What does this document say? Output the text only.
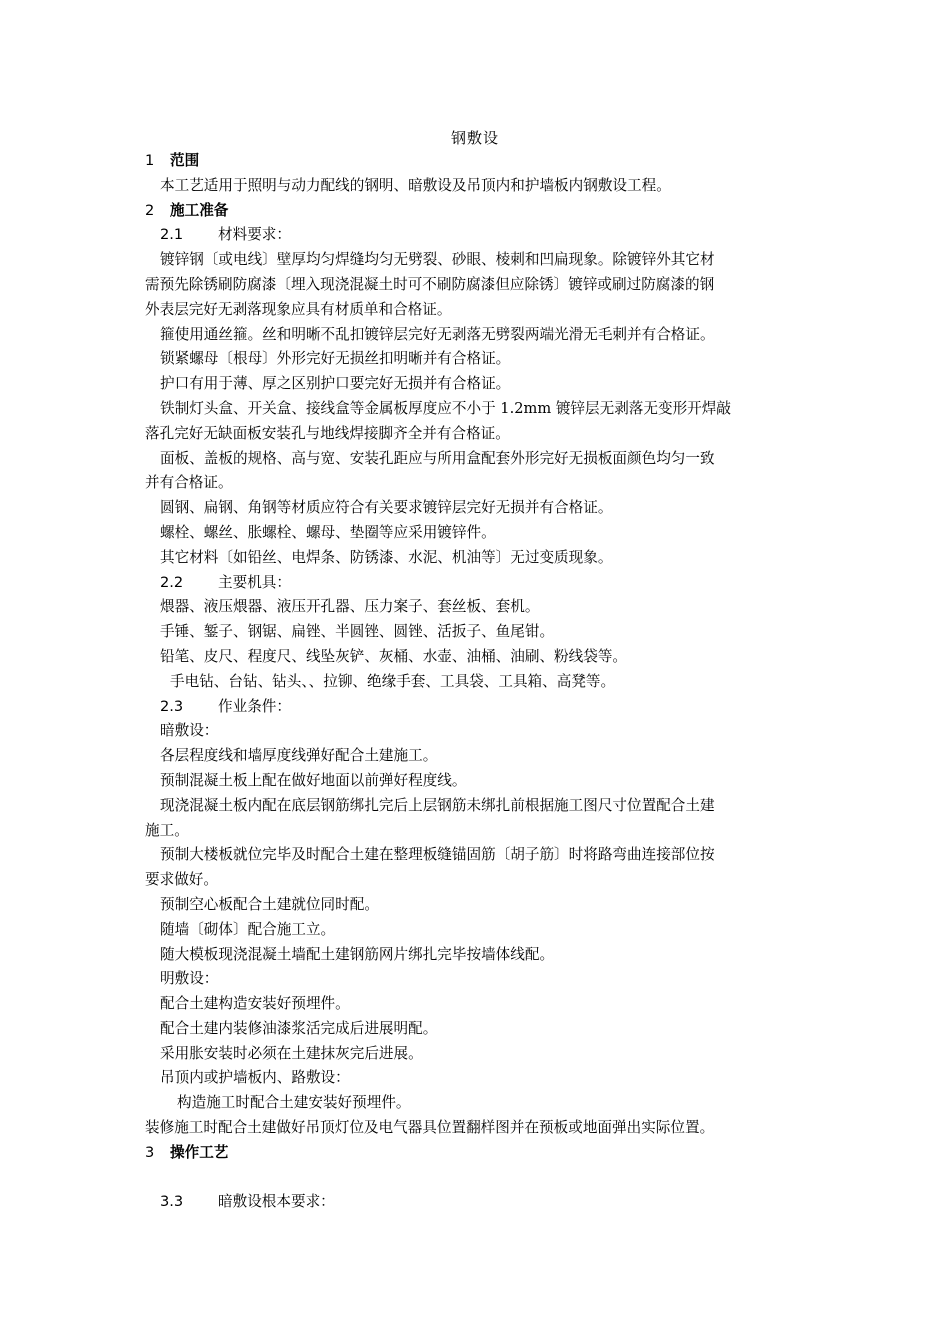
钢敷设
1 范围
本工艺适用于照明与动力配线的钢明、暗敷设及吊顶内和护墙板内钢敷设工程。
2 施工准备
2.1 材料要求：
镀锌钢〔或电线〕壁厚均匀焊缝均匀无劈裂、砂眼、棱刺和凹扁现象。除镀锌外其它材
需预先除锈刷防腐漆〔埋入现浇混凝土时可不刷防腐漆但应除锈〕镀锌或刷过防腐漆的钢
外表层完好无剥落现象应具有材质单和合格证。
箍使用通丝箍。丝和明晰不乱扣镀锌层完好无剥落无劈裂两端光滑无毛刺并有合格证。
锁紧螺母〔根母〕外形完好无损丝扣明晰并有合格证。
护口有用于薄、厚之区别护口要完好无损并有合格证。
铁制灯头盒、开关盒、接线盒等金属板厚度应不小于 1.2mm 镀锌层无剥落无变形开焊敲
落孔完好无缺面板安装孔与地线焊接脚齐全并有合格证。
面板、盖板的规格、高与宽、安装孔距应与所用盒配套外形完好无损板面颜色均匀一致
并有合格证。
圆钢、扁钢、角钢等材质应符合有关要求镀锌层完好无损并有合格证。
螺栓、螺丝、胀螺栓、螺母、垫圈等应采用镀锌件。
其它材料〔如铅丝、电焊条、防锈漆、水泥、机油等〕无过变质现象。
2.2 主要机具：
煨器、液压煨器、液压开孔器、压力案子、套丝板、套机。
手锤、錾子、钢锯、扁锉、半圆锉、圆锉、活扳子、鱼尾钳。
铅笔、皮尺、程度尺、线坠灰铲、灰桶、水壶、油桶、油刷、粉线袋等。
手电钻、台钻、钻头、、拉铆、绝缘手套、工具袋、工具箱、高凳等。
2.3 作业条件：
暗敷设：
各层程度线和墙厚度线弹好配合土建施工。
预制混凝土板上配在做好地面以前弹好程度线。
现浇混凝土板内配在底层钢筋绑扎完后上层钢筋未绑扎前根据施工图尺寸位置配合土建
施工。
预制大楼板就位完毕及时配合土建在整理板缝锚固筋〔胡子筋〕时将路弯曲连接部位按
要求做好。
预制空心板配合土建就位同时配。
随墙〔砌体〕配合施工立。
随大模板现浇混凝土墙配土建钢筋网片绑扎完毕按墙体线配。
明敷设：
配合土建构造安装好预埋件。
配合土建内装修油漆浆活完成后进展明配。
采用胀安装时必须在土建抹灰完后进展。
吊顶内或护墙板内、路敷设：
构造施工时配合土建安装好预埋件。
装修施工时配合土建做好吊顶灯位及电气器具位置翻样图并在预板或地面弹出实际位置。
3 操作工艺
3.3 暗敷设根本要求：
